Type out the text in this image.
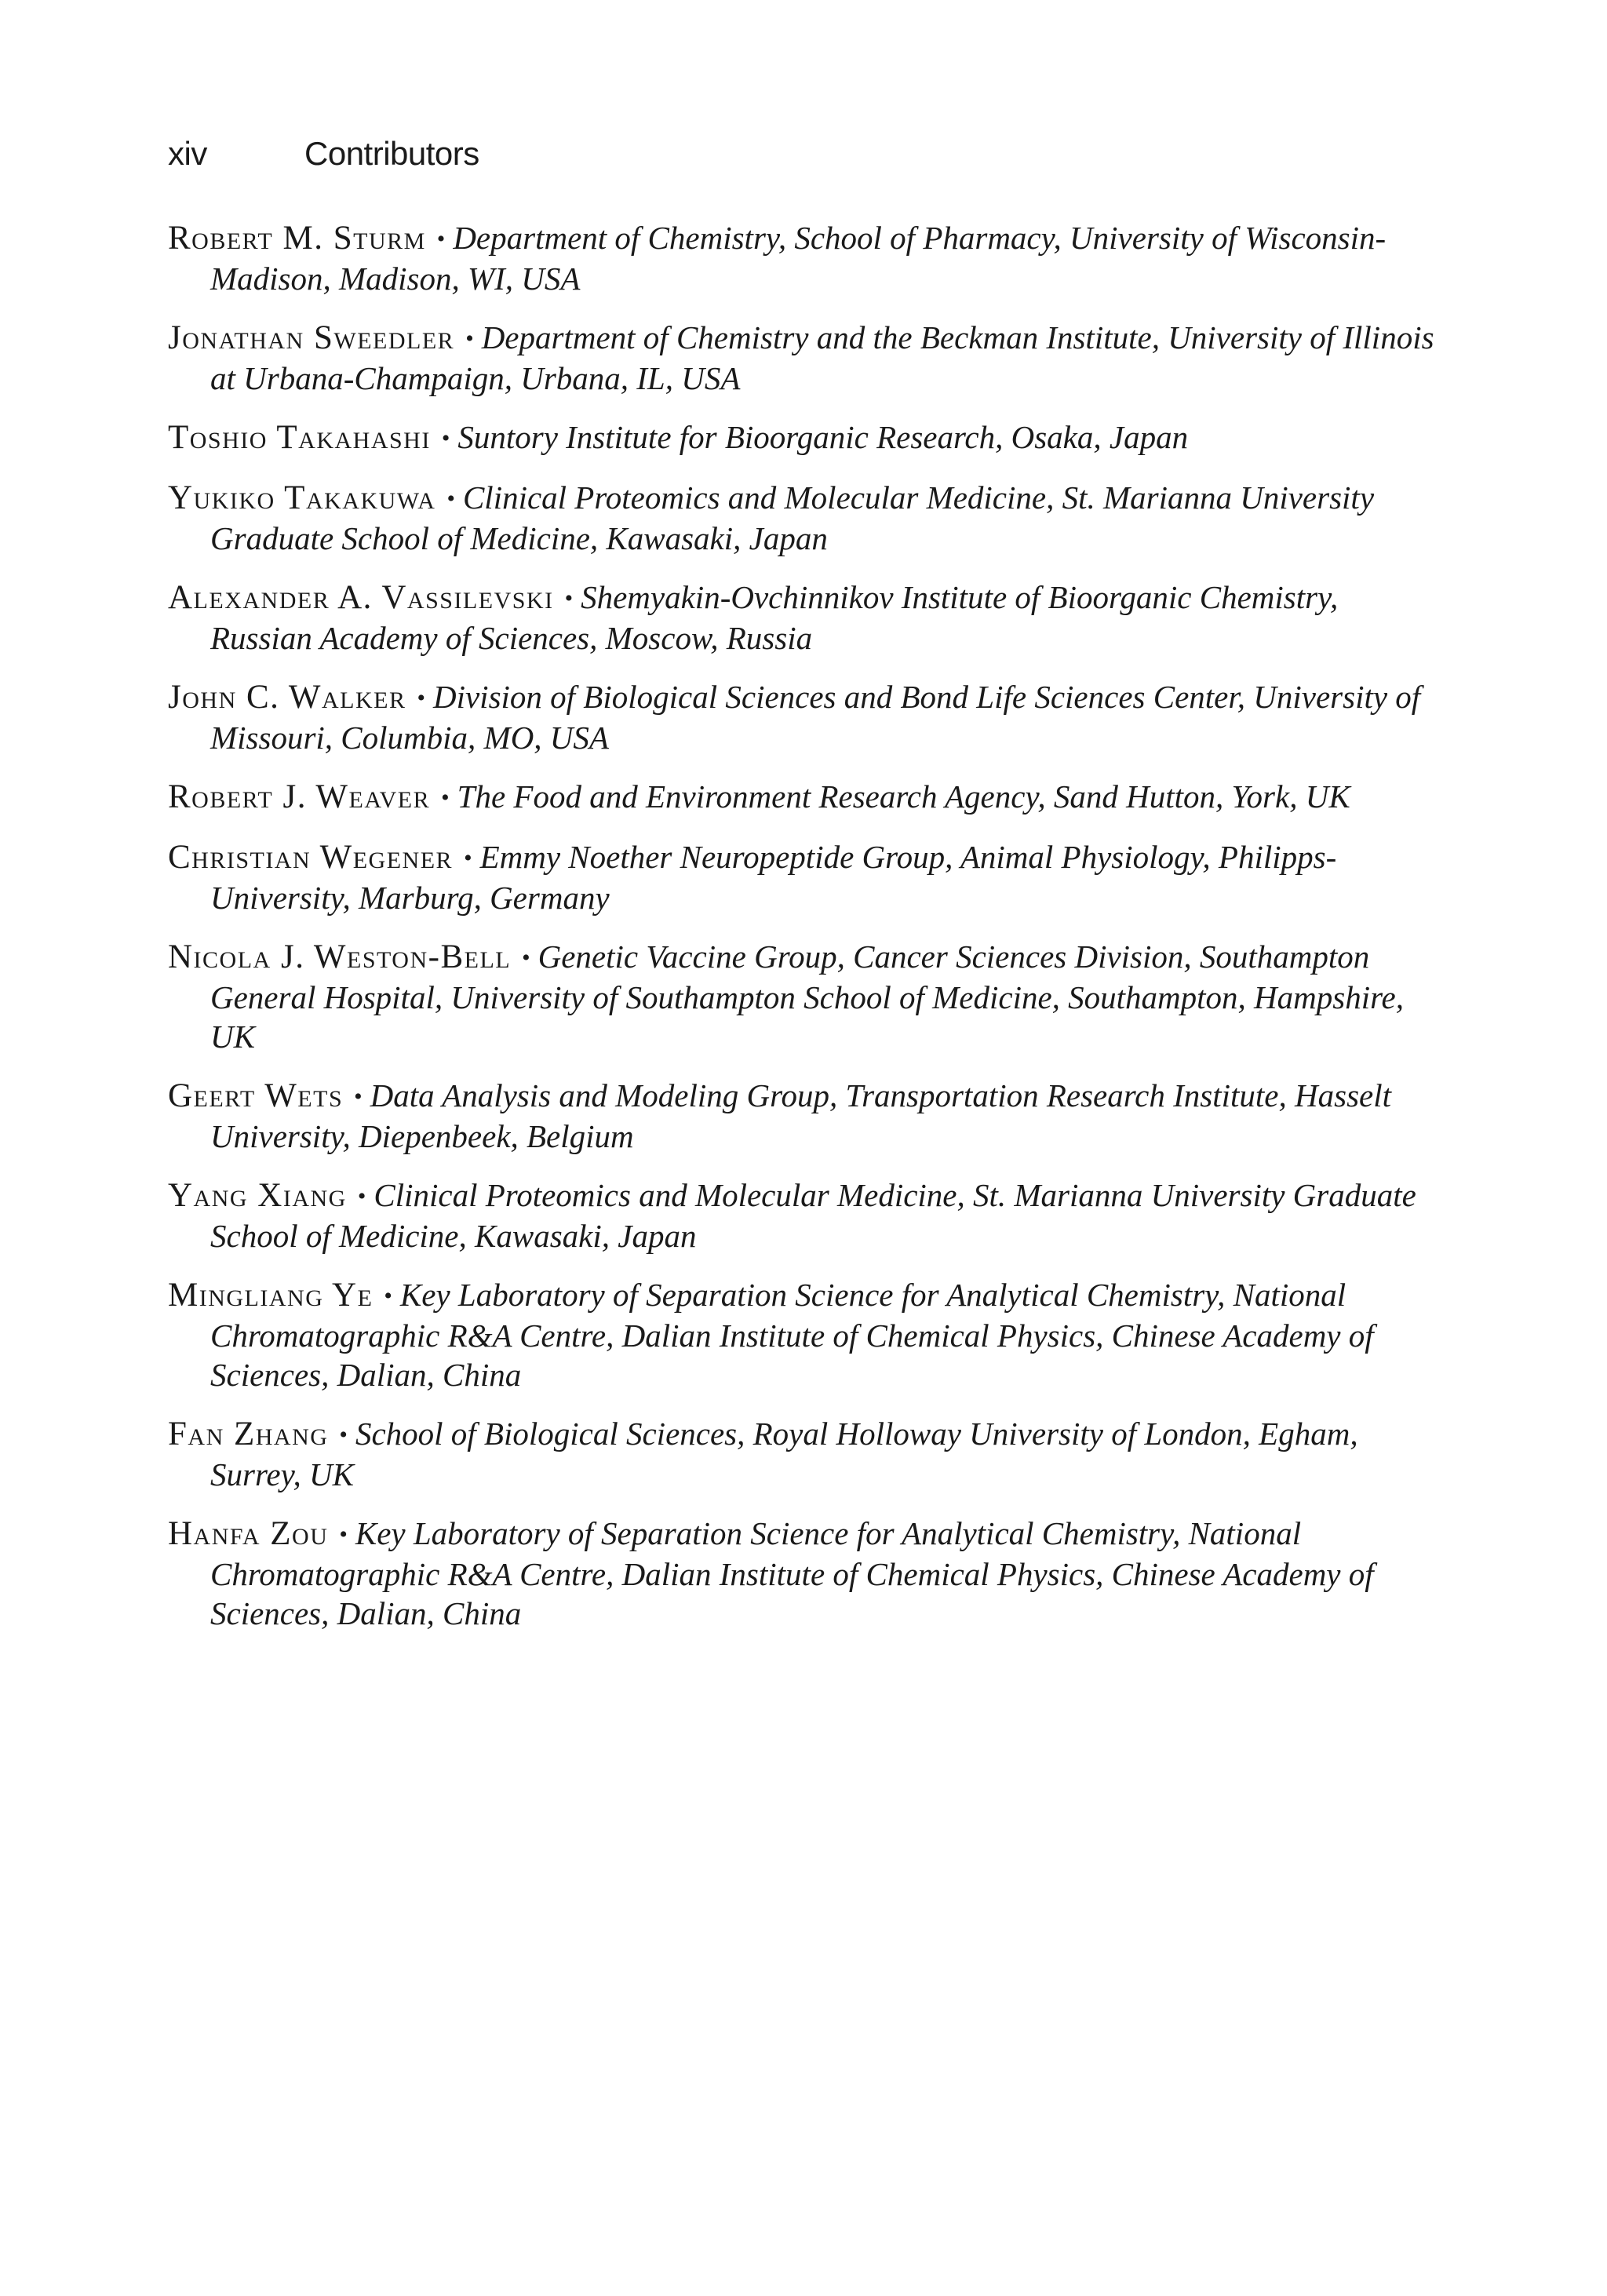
xiv	Contributors
Robert M. Sturm • Department of Chemistry, School of Pharmacy, University of Wisconsin-Madison, Madison, WI, USA
Jonathan Sweedler • Department of Chemistry and the Beckman Institute, University of Illinois at Urbana-Champaign, Urbana, IL, USA
Toshio Takahashi • Suntory Institute for Bioorganic Research, Osaka, Japan
Yukiko Takakuwa • Clinical Proteomics and Molecular Medicine, St. Marianna University Graduate School of Medicine, Kawasaki, Japan
Alexander A. Vassilevski • Shemyakin-Ovchinnikov Institute of Bioorganic Chemistry, Russian Academy of Sciences, Moscow, Russia
John C. Walker • Division of Biological Sciences and Bond Life Sciences Center, University of Missouri, Columbia, MO, USA
Robert J. Weaver • The Food and Environment Research Agency, Sand Hutton, York, UK
Christian Wegener • Emmy Noether Neuropeptide Group, Animal Physiology, Philipps-University, Marburg, Germany
Nicola J. Weston-Bell • Genetic Vaccine Group, Cancer Sciences Division, Southampton General Hospital, University of Southampton School of Medicine, Southampton, Hampshire, UK
Geert Wets • Data Analysis and Modeling Group, Transportation Research Institute, Hasselt University, Diepenbeek, Belgium
Yang Xiang • Clinical Proteomics and Molecular Medicine, St. Marianna University Graduate School of Medicine, Kawasaki, Japan
Mingliang Ye • Key Laboratory of Separation Science for Analytical Chemistry, National Chromatographic R&A Centre, Dalian Institute of Chemical Physics, Chinese Academy of Sciences, Dalian, China
Fan Zhang • School of Biological Sciences, Royal Holloway University of London, Egham, Surrey, UK
Hanfa Zou • Key Laboratory of Separation Science for Analytical Chemistry, National Chromatographic R&A Centre, Dalian Institute of Chemical Physics, Chinese Academy of Sciences, Dalian, China
